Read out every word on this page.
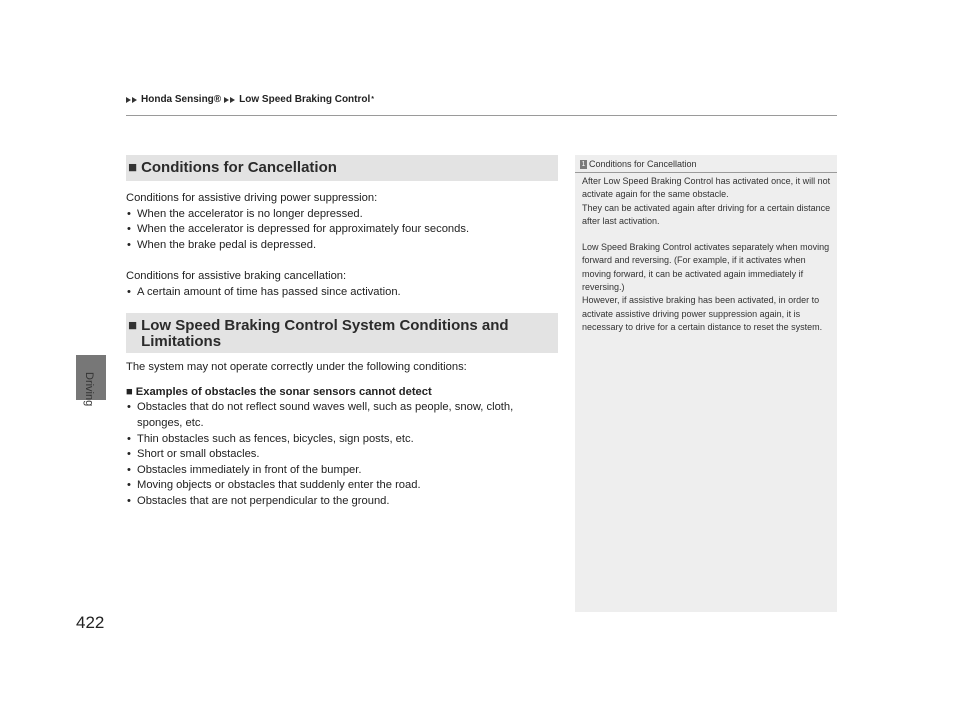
Honda Sensing® Low Speed Braking Control *
Driving
422
■ Conditions for Cancellation

Conditions for assistive driving power suppression:

• When the accelerator is no longer depressed.
• When the accelerator is depressed for approximately four seconds.
• When the brake pedal is depressed.

Conditions for assistive braking cancellation:

• A certain amount of time has passed since activation.
■ Low Speed Braking Control System Conditions and
Limitations

The system may not operate correctly under the following conditions:

■ Examples of obstacles the sonar sensors cannot detect
• Obstacles that do not reflect sound waves well, such as people, snow, cloth, sponges, etc.
• Thin obstacles such as fences, bicycles, sign posts, etc.
• Short or small obstacles.
• Obstacles immediately in front of the bumper.
• Moving objects or obstacles that suddenly enter the road.
• Obstacles that are not perpendicular to the ground.
1 Conditions for Cancellation

After Low Speed Braking Control has activated once, it will not activate again for the same obstacle.

They can be activated again after driving for a certain distance after last activation.

Low Speed Braking Control activates separately when moving forward and reversing. (For example, if it activates when moving forward, it can be activated again immediately if reversing.)

However, if assistive braking has been activated, in order to activate assistive driving power suppression again, it is necessary to drive for a certain distance to reset the system.
